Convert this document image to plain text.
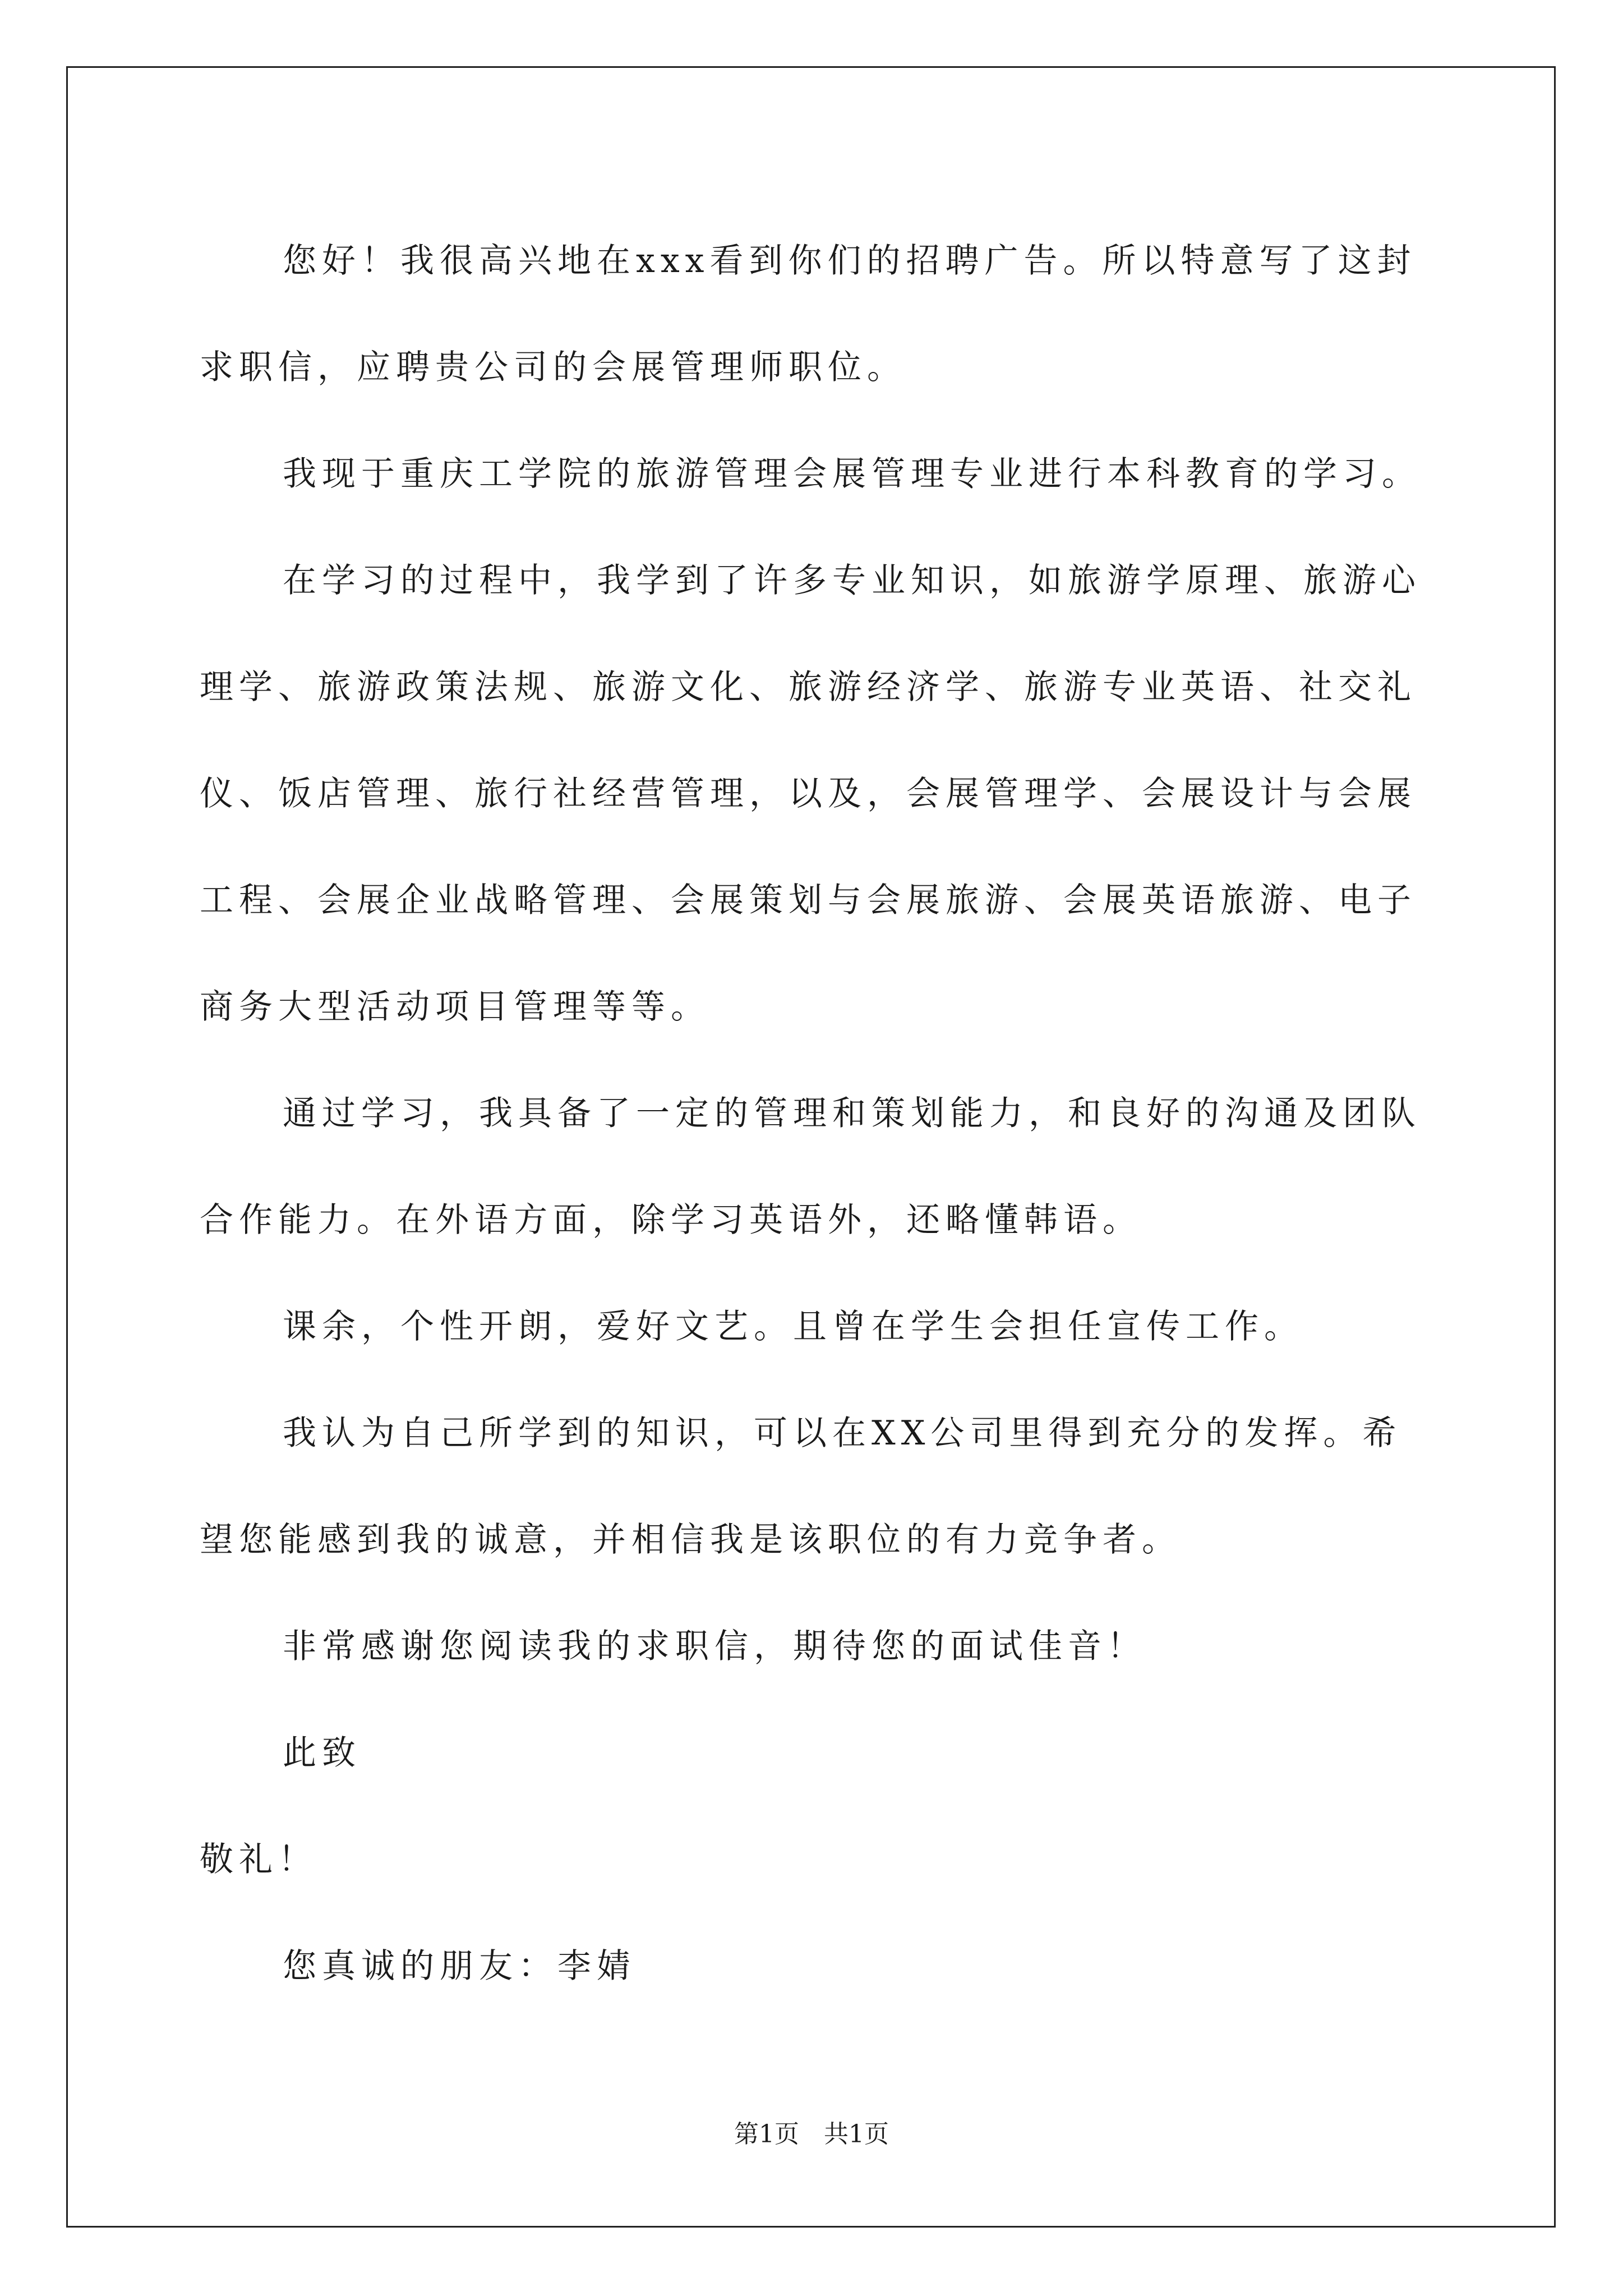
您好！我很高兴地在xxx看到你们的招聘广告。所以特意写了这封求职信，应聘贵公司的会展管理师职位。

我现于重庆工学院的旅游管理会展管理专业进行本科教育的学习。

在学习的过程中，我学到了许多专业知识，如旅游学原理、旅游心理学、旅游政策法规、旅游文化、旅游经济学、旅游专业英语、社交礼仪、饭店管理、旅行社经营管理，以及，会展管理学、会展设计与会展工程、会展企业战略管理、会展策划与会展旅游、会展英语旅游、电子商务大型活动项目管理等等。

通过学习，我具备了一定的管理和策划能力，和良好的沟通及团队合作能力。在外语方面，除学习英语外，还略懂韩语。

课余，个性开朗，爱好文艺。且曾在学生会担任宣传工作。

我认为自己所学到的知识，可以在XX公司里得到充分的发挥。希望您能感到我的诚意，并相信我是该职位的有力竞争者。

非常感谢您阅读我的求职信，期待您的面试佳音！

此致

敬礼！

您真诚的朋友：李婧

第1页 共1页
